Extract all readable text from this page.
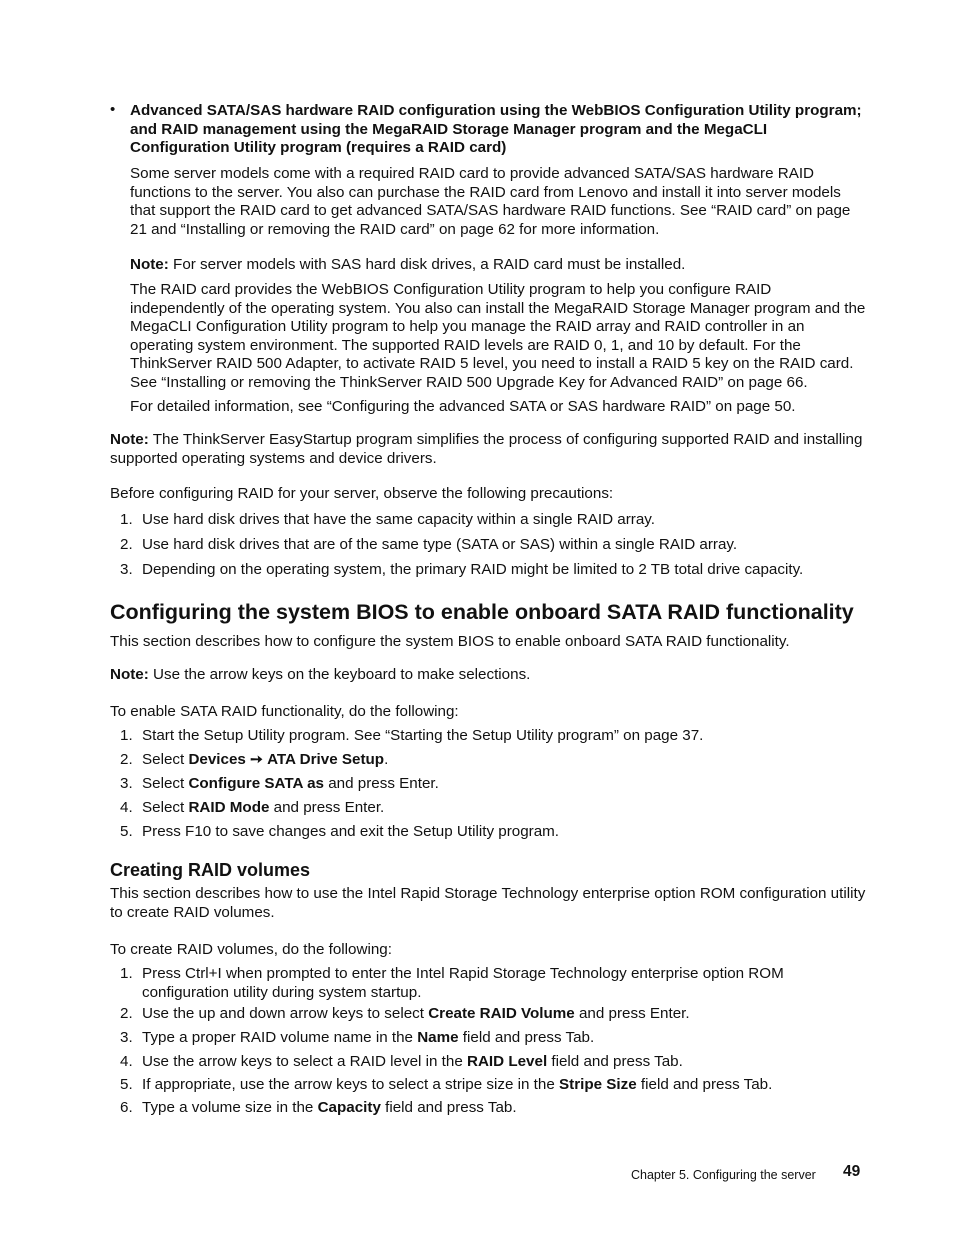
• Advanced SATA/SAS hardware RAID configuration using the WebBIOS Configuration Utility program; and RAID management using the MegaRAID Storage Manager program and the MegaCLI Configuration Utility program (requires a RAID card)

Some server models come with a required RAID card to provide advanced SATA/SAS hardware RAID functions to the server. You also can purchase the RAID card from Lenovo and install it into server models that support the RAID card to get advanced SATA/SAS hardware RAID functions. See “RAID card” on page 21 and “Installing or removing the RAID card” on page 62 for more information.

Note: For server models with SAS hard disk drives, a RAID card must be installed.

The RAID card provides the WebBIOS Configuration Utility program to help you configure RAID independently of the operating system. You also can install the MegaRAID Storage Manager program and the MegaCLI Configuration Utility program to help you manage the RAID array and RAID controller in an operating system environment. The supported RAID levels are RAID 0, 1, and 10 by default. For the ThinkServer RAID 500 Adapter, to activate RAID 5 level, you need to install a RAID 5 key on the RAID card. See “Installing or removing the ThinkServer RAID 500 Upgrade Key for Advanced RAID” on page 66.

For detailed information, see “Configuring the advanced SATA or SAS hardware RAID” on page 50.

Note: The ThinkServer EasyStartup program simplifies the process of configuring supported RAID and installing supported operating systems and device drivers.

Before configuring RAID for your server, observe the following precautions:

1. Use hard disk drives that have the same capacity within a single RAID array.
2. Use hard disk drives that are of the same type (SATA or SAS) within a single RAID array.
3. Depending on the operating system, the primary RAID might be limited to 2 TB total drive capacity.
Configuring the system BIOS to enable onboard SATA RAID functionality

This section describes how to configure the system BIOS to enable onboard SATA RAID functionality.

Note: Use the arrow keys on the keyboard to make selections.

To enable SATA RAID functionality, do the following:

1. Start the Setup Utility program. See “Starting the Setup Utility program” on page 37.
2. Select Devices ➙ ATA Drive Setup.
3. Select Configure SATA as and press Enter.
4. Select RAID Mode and press Enter.
5. Press F10 to save changes and exit the Setup Utility program.
Creating RAID volumes

This section describes how to use the Intel Rapid Storage Technology enterprise option ROM configuration utility to create RAID volumes.

To create RAID volumes, do the following:

1. Press Ctrl+I when prompted to enter the Intel Rapid Storage Technology enterprise option ROM configuration utility during system startup.
2. Use the up and down arrow keys to select Create RAID Volume and press Enter.
3. Type a proper RAID volume name in the Name field and press Tab.
4. Use the arrow keys to select a RAID level in the RAID Level field and press Tab.
5. If appropriate, use the arrow keys to select a stripe size in the Stripe Size field and press Tab.
6. Type a volume size in the Capacity field and press Tab.
Chapter 5. Configuring the server 49
